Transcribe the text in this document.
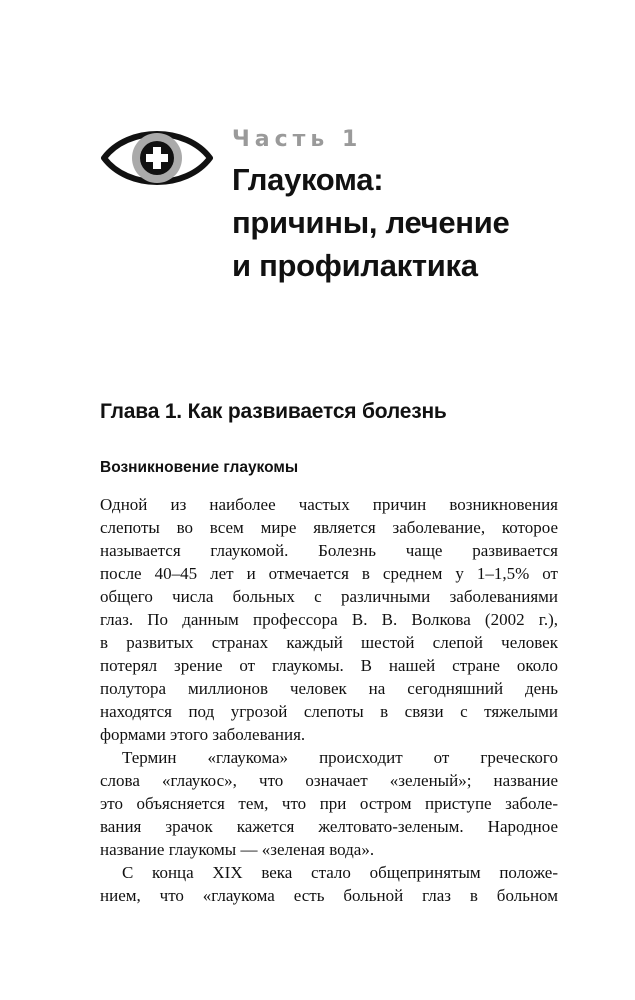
Часть 1
Глаукома:
причины, лечение
и профилактика
Глава 1. Как развивается болезнь
Возникновение глаукомы

Одной из наиболее частых причин возникновения
слепоты во всем мире является заболевание, которое
называется глаукомой. Болезнь чаще развивается
после 40–45 лет и отмечается в среднем у 1–1,5% от
общего числа больных с различными заболеваниями
глаз. По данным профессора В. В. Волкова (2002 г.),
в развитых странах каждый шестой слепой человек
потерял зрение от глаукомы. В нашей стране около
полутора миллионов человек на сегодняшний день
находятся под угрозой слепоты в связи с тяжелыми
формами этого заболевания.

Термин «глаукома» происходит от греческого
слова «глаукос», что означает «зеленый»; название
это объясняется тем, что при остром приступе заболе-
вания зрачок кажется желтовато-зеленым. Народное
название глаукомы — «зеленая вода».

С конца XIX века стало общепринятым положе-
нием, что «глаукома есть больной глаз в больном
